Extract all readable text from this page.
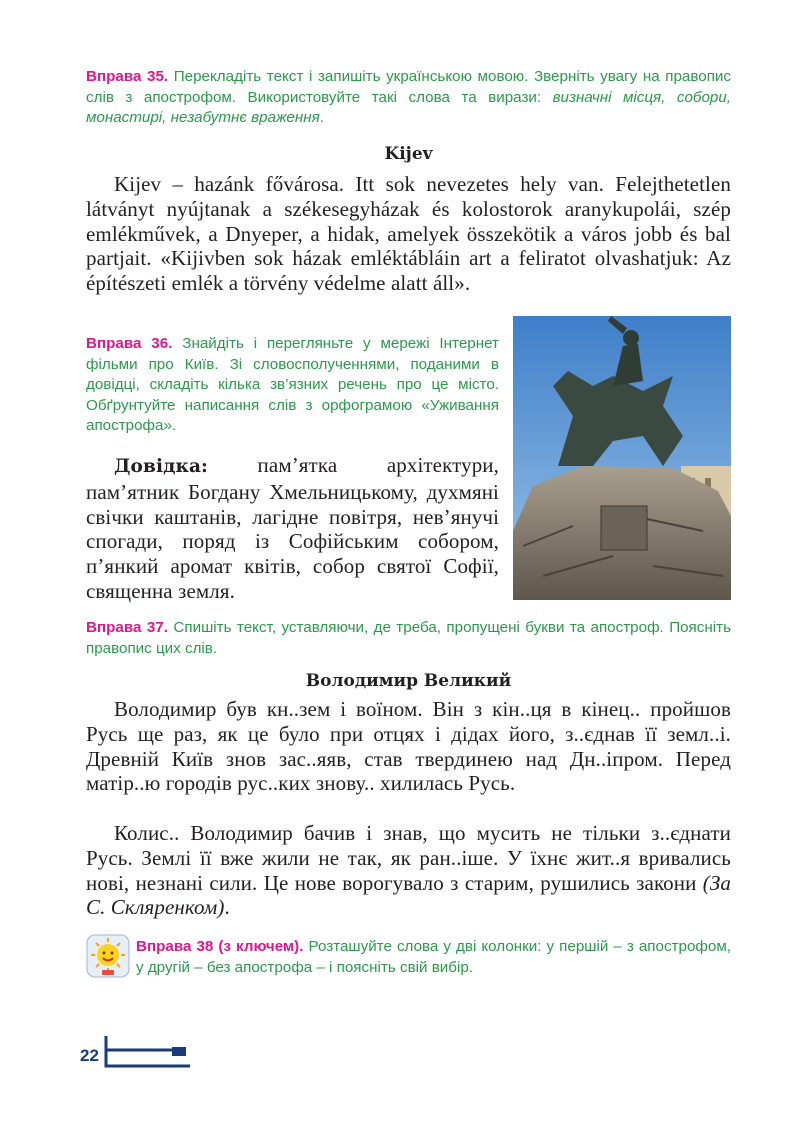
Вправа 35. Перекладіть текст і запишіть українською мовою. Зверніть увагу на правопис слів з апострофом. Використовуйте такі слова та вирази: визначні місця, собори, монастирі, незабутнє враження.
Kijev
Kijev – hazánk fővárosa. Itt sok nevezetes hely van. Felejthetetlen látványt nyújtanak a székesegyházak és kolostorok aranykupolái, szép emlékművek, a Dnyeper, a hidak, amelyek összekötik a város jobb és bal partjait. «Kijivben sok házak emléktábláin art a feliratot olvashatjuk: Az építészeti emlék a törvény védelme alatt áll».
Вправа 36. Знайдіть і перегляньте у мережі Інтернет фільми про Київ. Зі словосполученнями, поданими в довідці, складіть кілька зв’язних речень про це місто. Обґрунтуйте написання слів з орфограмою «Уживання апострофа».
Довідка: пам’ятка архітектури, пам’ятник Богдану Хмельницькому, духмяні свічки каштанів, лагідне повітря, нев’янучі спогади, поряд із Софійським собором, п’янкий аромат квітів, собор святої Софії, священна земля.
Вправа 37. Спишіть текст, уставляючи, де треба, пропущені букви та апостроф. Поясніть правопис цих слів.
Володимир Великий
Володимир був кн..зем і воїном. Він з кін..ця в кінец.. пройшов Русь ще раз, як це було при отцях і дідах його, з..єднав її земл..і. Древній Київ знов зас..яяв, став твердинею над Дн..іпром. Перед матір..ю городів рус..ких знову.. хилилась Русь.
Колис.. Володимир бачив і знав, що мусить не тільки з..єднати Русь. Землі її вже жили не так, як ран..іше. У їхнє жит..я вривались нові, незнані сили. Це нове ворогувало з старим, рушились закони (За С. Скляренком).
Вправа 38 (з ключем). Розташуйте слова у дві колонки: у першій – з апострофом, у другій – без апострофа – і поясніть свій вибір.
22
